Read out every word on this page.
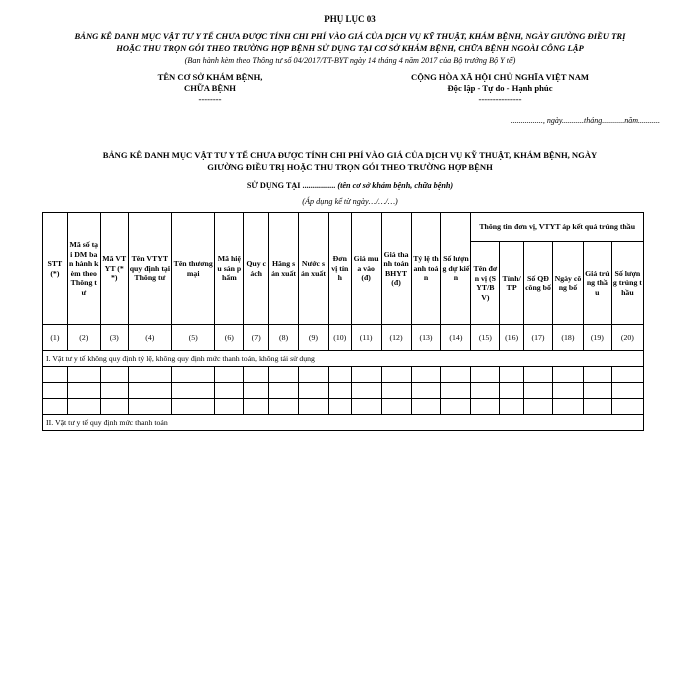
PHỤ LỤC 03
BẢNG KÊ DANH MỤC VẬT TƯ Y TẾ CHƯA ĐƯỢC TÍNH CHI PHÍ VÀO GIÁ CỦA DỊCH VỤ KỸ THUẬT, KHÁM BỆNH, NGÀY GIƯỜNG ĐIỀU TRỊ
HOẶC THU TRỌN GÓI THEO TRƯỜNG HỢP BỆNH SỬ DỤNG TẠI CƠ SỞ KHÁM BỆNH, CHỮA BỆNH NGOÀI CÔNG LẬP
(Ban hành kèm theo Thông tư số 04/2017/TT-BYT ngày 14 tháng 4 năm 2017 của Bộ trưởng Bộ Y tế)
TÊN CƠ SỞ KHÁM BỆNH,
CHỮA BỆNH
--------
CỘNG HÒA XÃ HỘI CHỦ NGHĨA VIỆT NAM
Độc lập - Tự do - Hạnh phúc
---------------
................, ngày...........tháng...........năm...........
BẢNG KÊ DANH MỤC VẬT TƯ Y TẾ CHƯA ĐƯỢC TÍNH CHI PHÍ VÀO GIÁ CỦA DỊCH VỤ KỸ THUẬT, KHÁM BỆNH, NGÀY
GIƯỜNG ĐIỀU TRỊ HOẶC THU TRỌN GÓI THEO TRƯỜNG HỢP BỆNH
SỬ DỤNG TẠI ................ (tên cơ sở khám bệnh, chữa bệnh)
(Áp dụng kể từ ngày…/…/…)
STT (*)	Mã số tại DM ban hành kèm theo Thông tư	Mã VTYT (**)	Tên VTYT quy định tại Thông tư	Tên thương mại	Mã hiệu sản phẩm	Quy cách	Hãng sản xuất	Nước sản xuất	Đơn vị tính	Giá mua vào (đ)	Giá thanh toán BHYT (đ)	Tỷ lệ thanh toán	Số lượng dự kiến	Thông tin đơn vị, VTYT áp kết quả trúng thầu					
														Tên đơn vị (SYT/BV)	Tỉnh/TP	Số QĐ công bố	Ngày công bố	Giá trúng thầu	Số lượng trúng thầu
(1)	(2)	(3)	(4)	(5)	(6)	(7)	(8)	(9)	(10)	(11)	(12)	(13)	(14)	(15)	(16)	(17)	(18)	(19)	(20)
I. Vật tư y tế không quy định tỷ lệ, không quy định mức thanh toán, không tái sử dụng																			

II. Vật tư y tế quy định mức thanh toán																			
